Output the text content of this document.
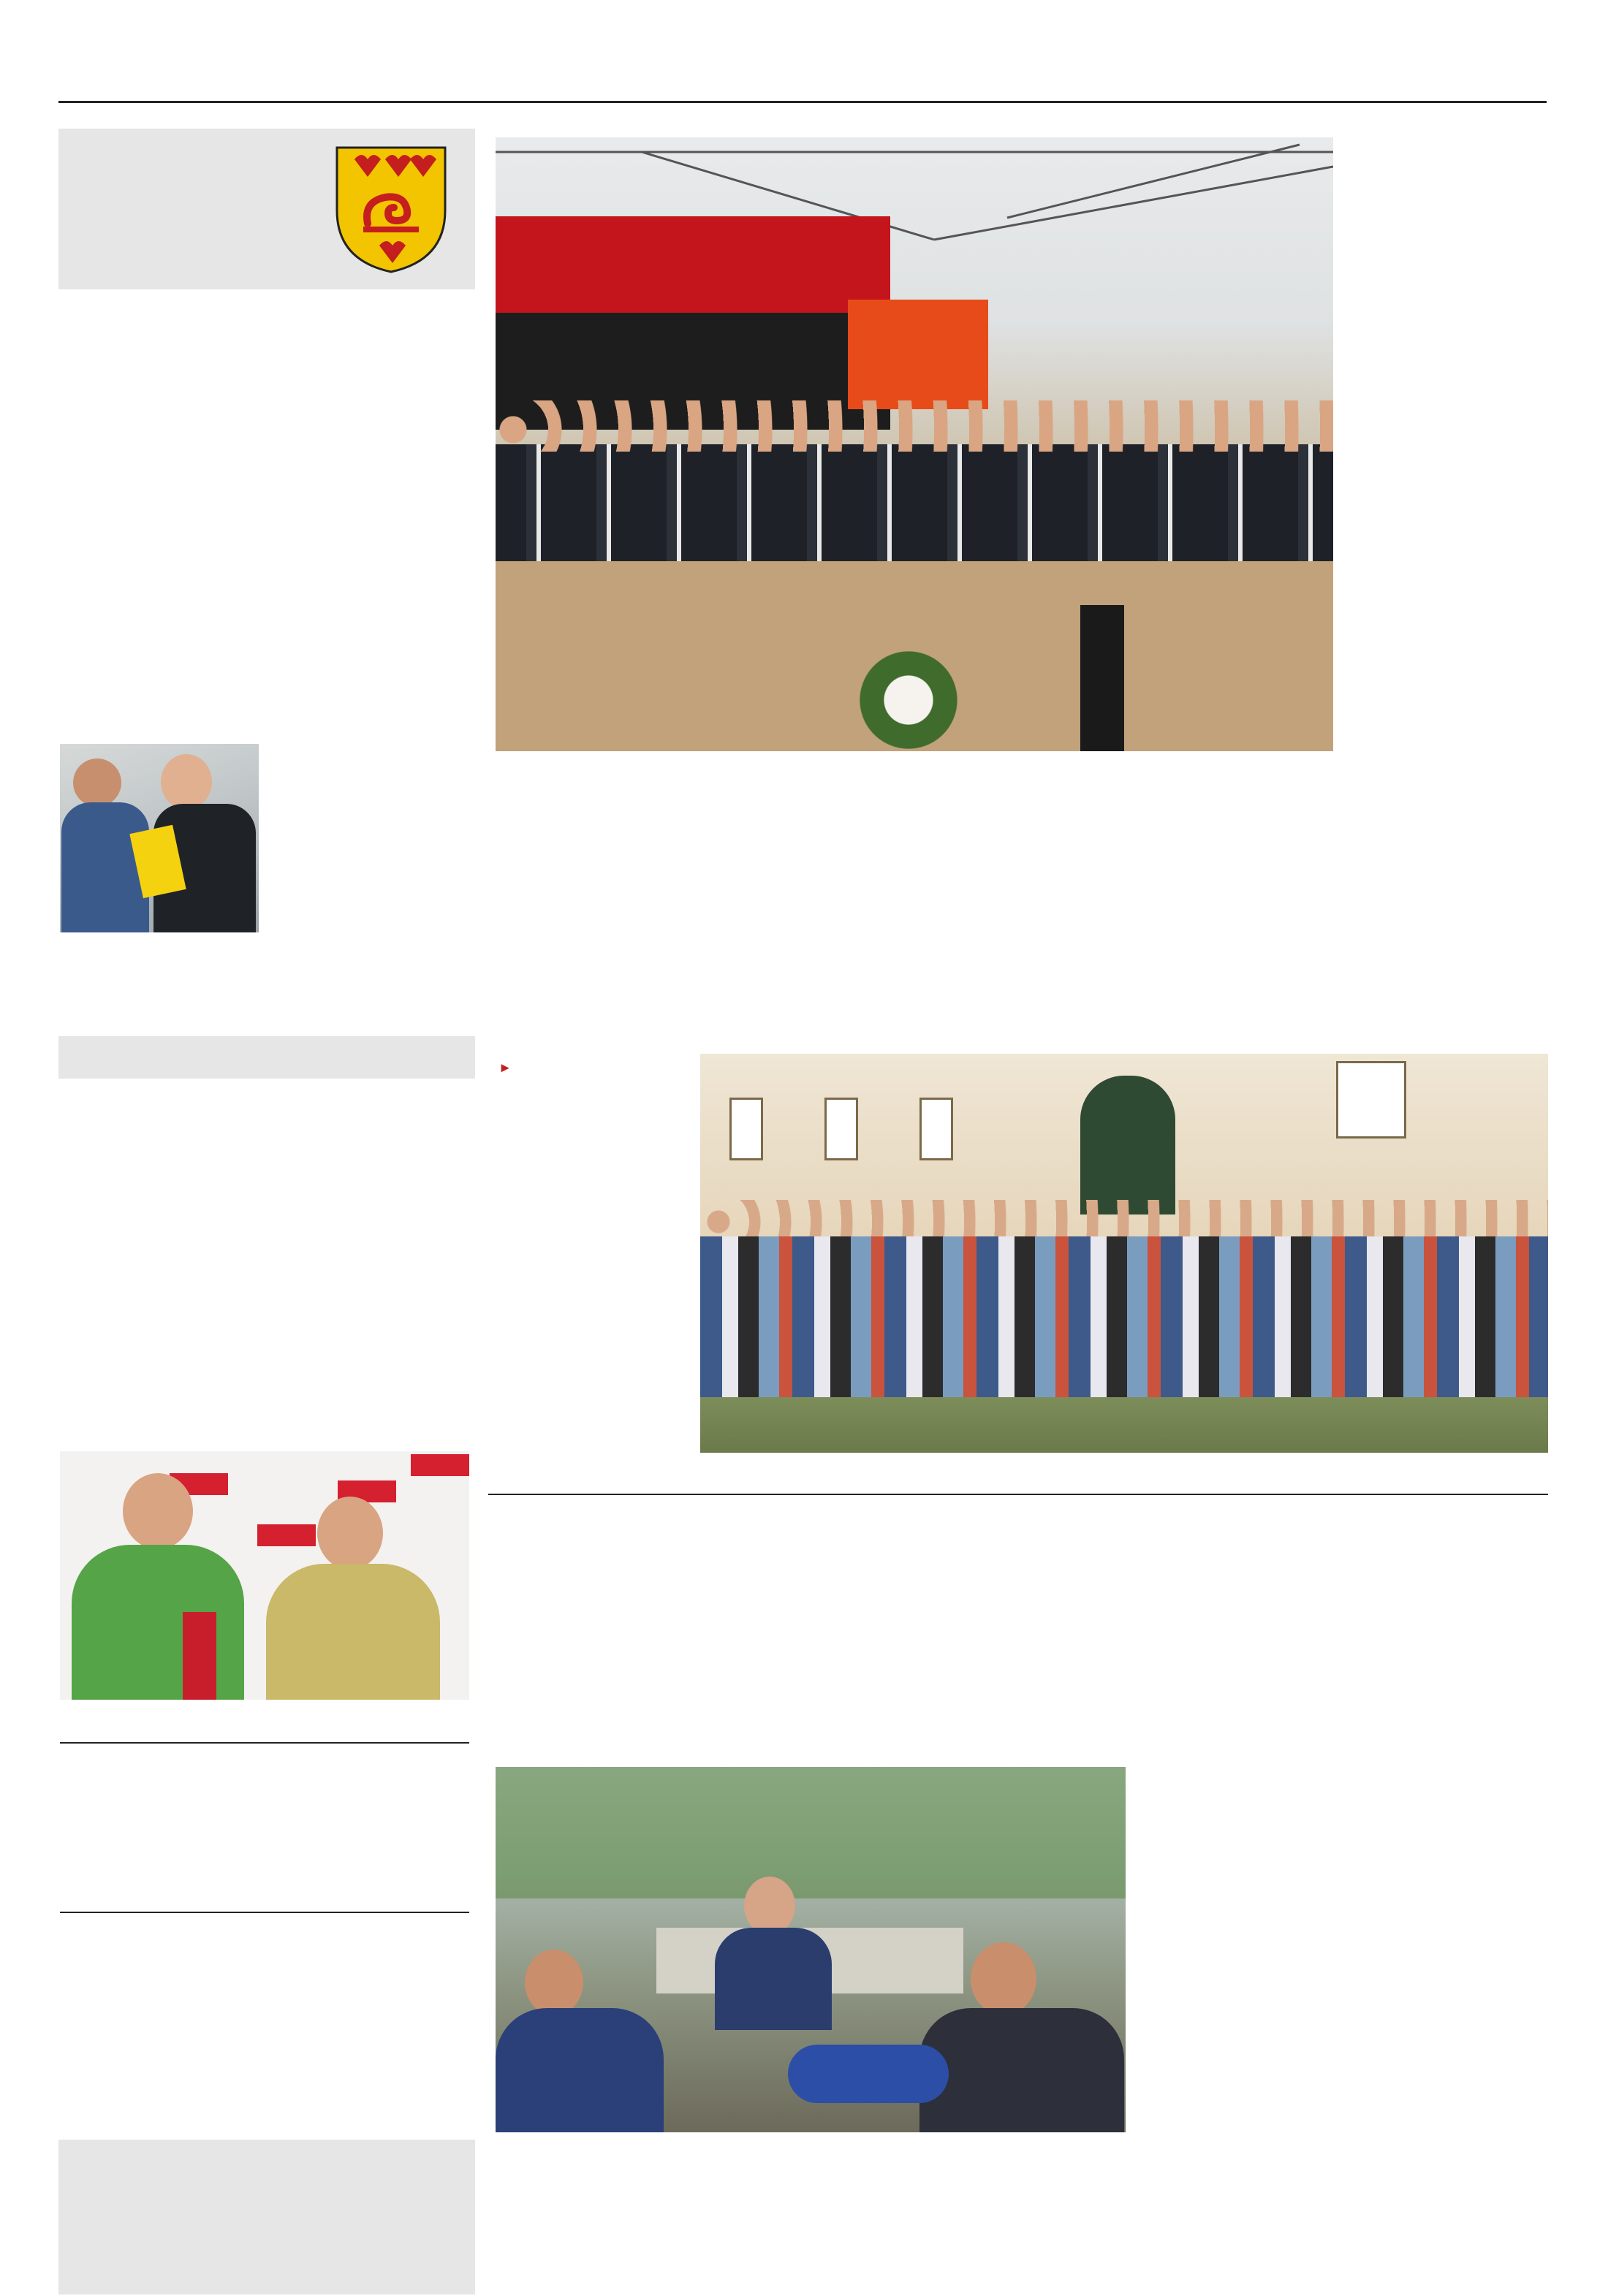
►
